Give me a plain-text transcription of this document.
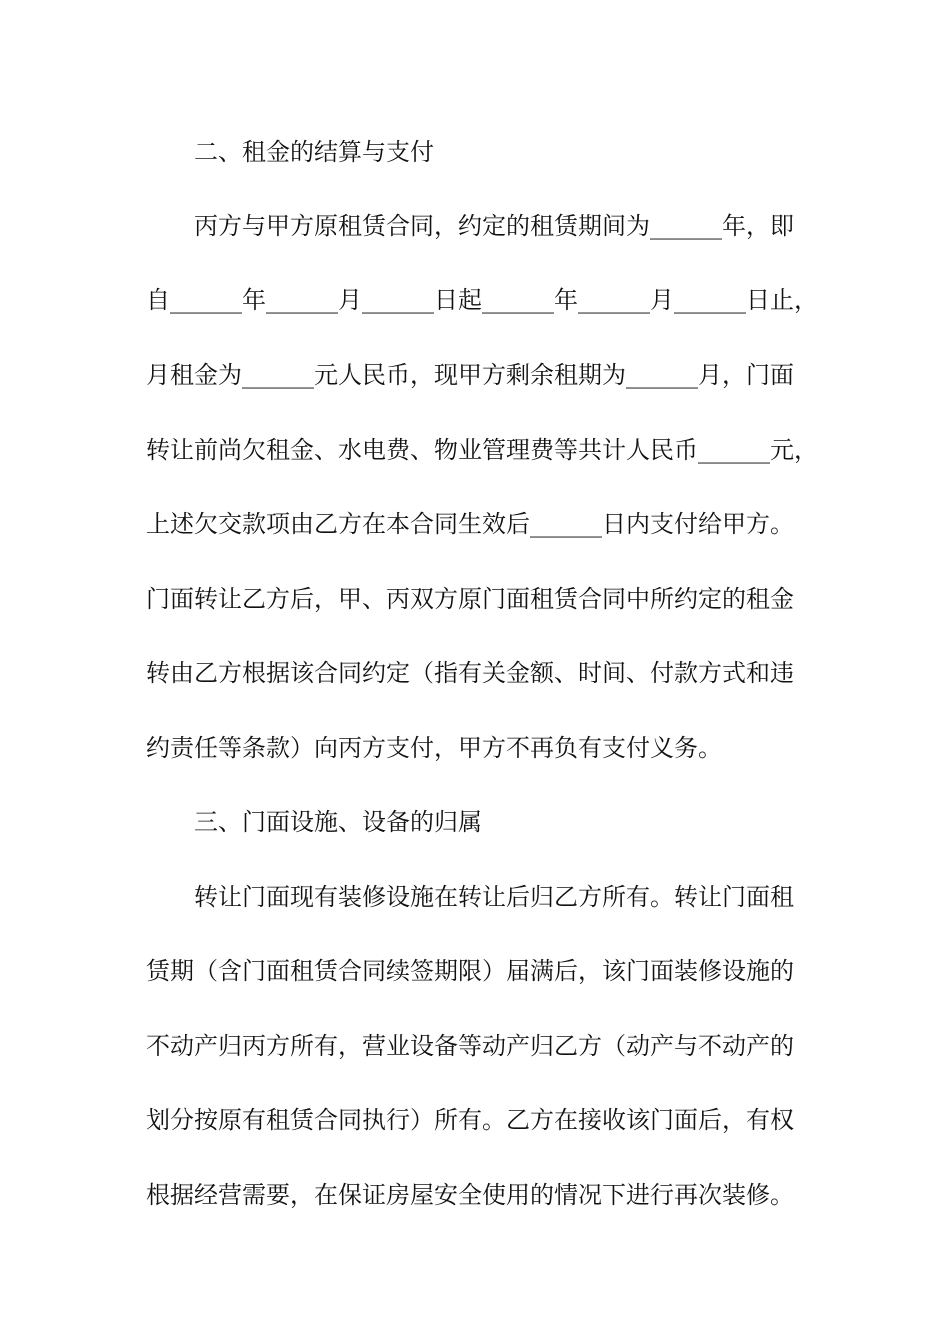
二、租金的结算与支付
丙方与甲方原租赁合同，约定的租赁期间为______年，即
自______年______月______日起______年______月______日止，
月租金为______元人民币，现甲方剩余租期为______月，门面
转让前尚欠租金、水电费、物业管理费等共计人民币______元，
上述欠交款项由乙方在本合同生效后______日内支付给甲方。
门面转让乙方后，甲、丙双方原门面租赁合同中所约定的租金
转由乙方根据该合同约定（指有关金额、时间、付款方式和违
约责任等条款）向丙方支付，甲方不再负有支付义务。
三、门面设施、设备的归属
转让门面现有装修设施在转让后归乙方所有。转让门面租
赁期（含门面租赁合同续签期限）届满后，该门面装修设施的
不动产归丙方所有，营业设备等动产归乙方（动产与不动产的
划分按原有租赁合同执行）所有。乙方在接收该门面后，有权
根据经营需要，在保证房屋安全使用的情况下进行再次装修。
